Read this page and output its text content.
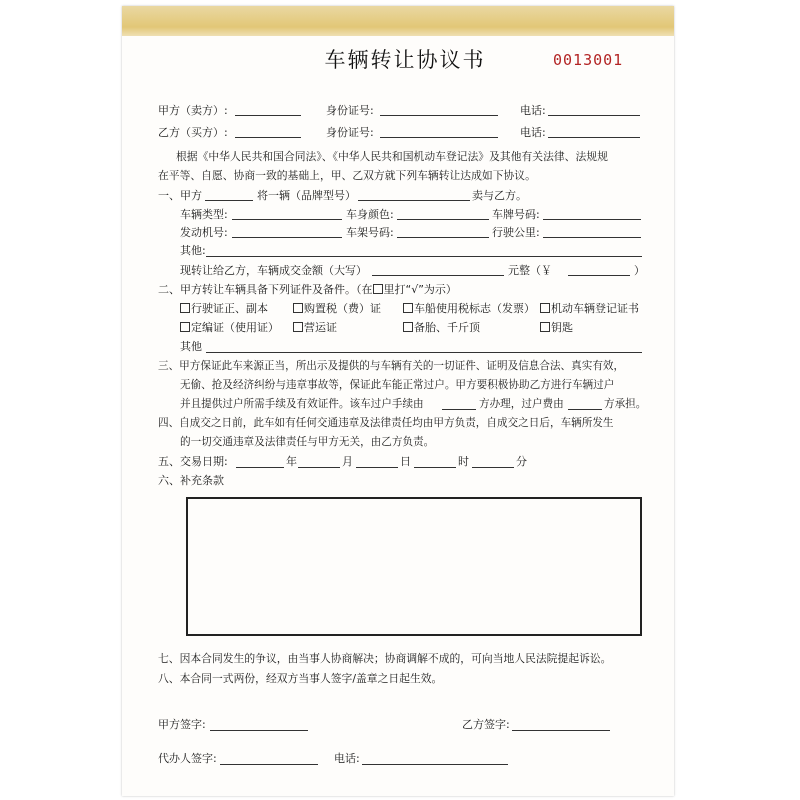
车辆转让协议书	0013001
甲方（卖方）:	身份证号:	电话:
乙方（买方）:	身份证号:	电话:
根据《中华人民共和国合同法》、《中华人民共和国机动车登记法》及其他有关法律、法规规
在平等、自愿、协商一致的基础上，甲、乙双方就下列车辆转让达成如下协议。
一、甲方	将一辆（品牌型号）	卖与乙方。
车辆类型:	车身颜色:	车牌号码:
发动机号:	车架号码:	行驶公里:
其他:
现转让给乙方，车辆成交金额（大写）	元整（￥	）
二、甲方转让车辆具备下列证件及备件。（在 里打“√”为示）
行驶证正、副本	购置税（费）证	车船使用税标志（发票）	机动车辆登记证书
定编证（使用证）	营运证	备胎、千斤顶	钥匙
其他
三、甲方保证此车来源正当，所出示及提供的与车辆有关的一切证件、证明及信息合法、真实有效，
无偷、抢及经济纠纷与违章事故等，保证此车能正常过户。甲方要积极协助乙方进行车辆过户
并且提供过户所需手续及有效证件。该车过户手续由	方办理，过户费由	方承担。
四、自成交之日前，此车如有任何交通违章及法律责任均由甲方负责，自成交之日后，车辆所发生
的一切交通违章及法律责任与甲方无关，由乙方负责。
五、交易日期:	年	月	日	时	分
六、补充条款
七、因本合同发生的争议，由当事人协商解决；协商调解不成的，可向当地人民法院提起诉讼。
八、本合同一式两份，经双方当事人签字/盖章之日起生效。
甲方签字:	乙方签字:
代办人签字:	电话:
